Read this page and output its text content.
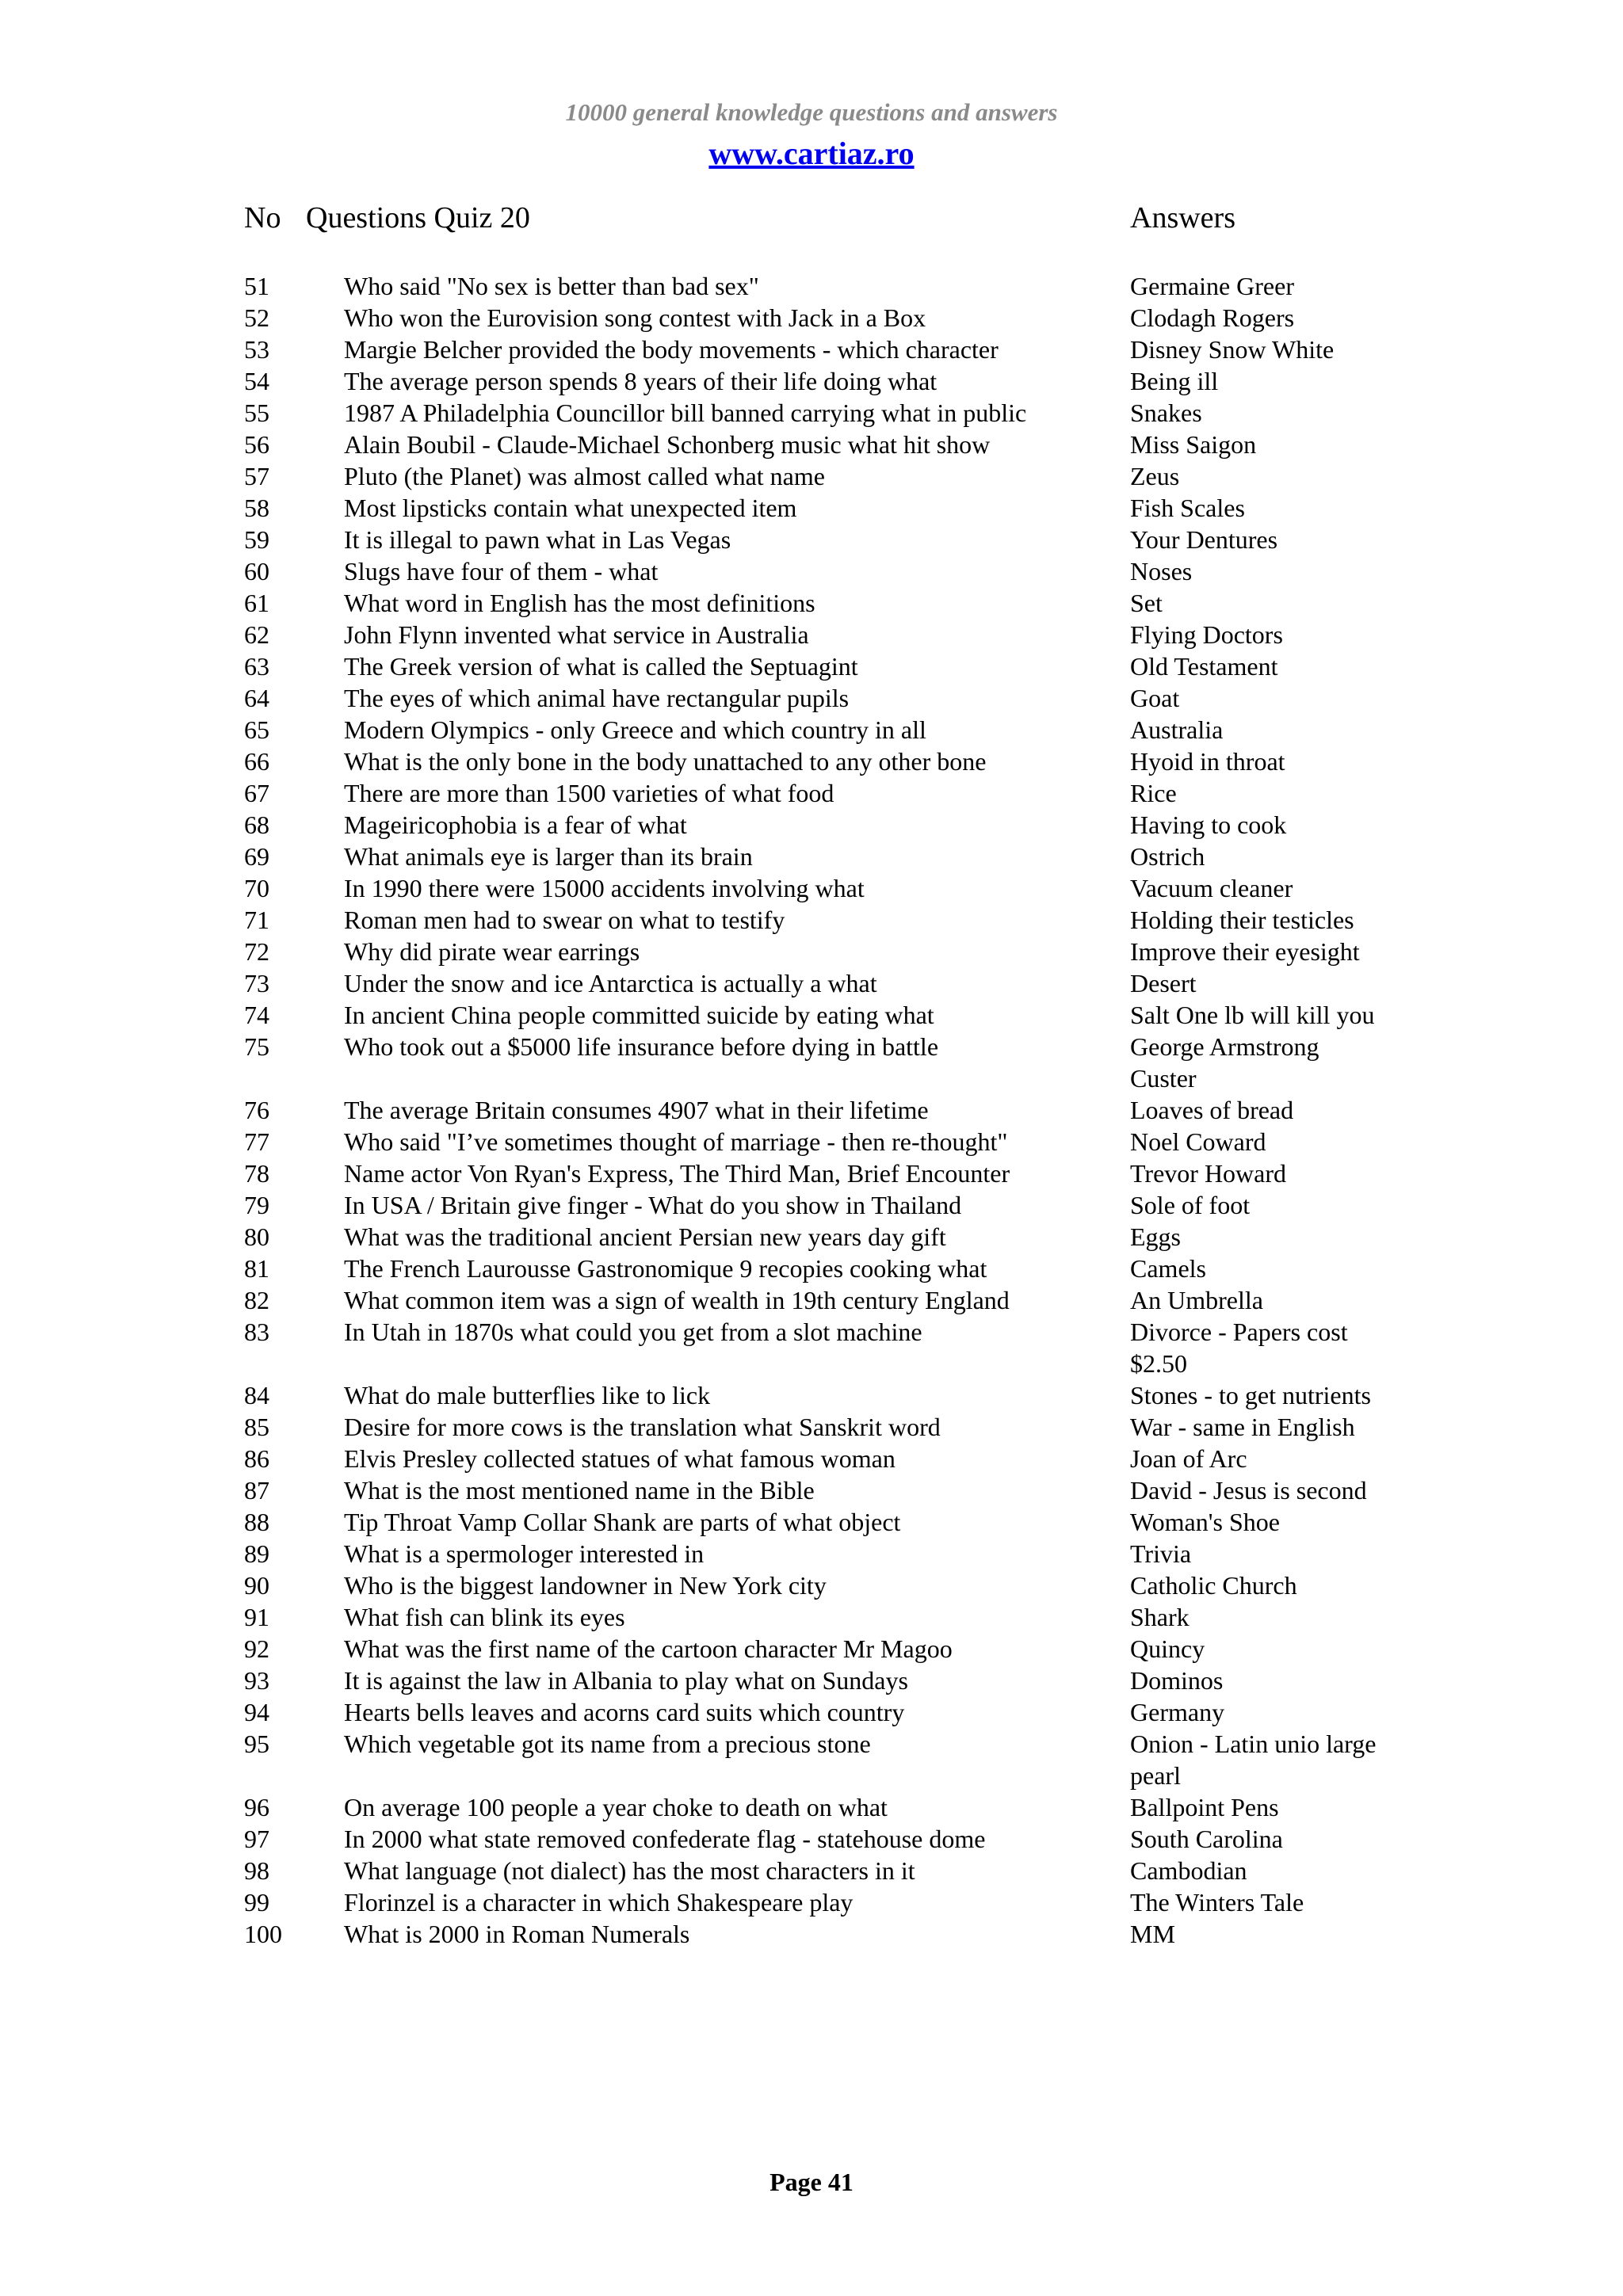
10000 general knowledge questions and answers
www.cartiaz.ro
No Questions Quiz 20	Answers
51	Who said "No sex is better than bad sex"	Germaine Greer
52	Who won the Eurovision song contest with Jack in a Box	Clodagh Rogers
53	Margie Belcher provided the body movements - which character	Disney Snow White
54	The average person spends 8 years of their life doing what	Being ill
55	1987 A Philadelphia Councillor bill banned carrying what in public	Snakes
56	Alain Boubil - Claude-Michael Schonberg music what hit show	Miss Saigon
57	Pluto (the Planet) was almost called what name	Zeus
58	Most lipsticks contain what unexpected item	Fish Scales
59	It is illegal to pawn what in Las Vegas	Your Dentures
60	Slugs have four of them - what	Noses
61	What word in English has the most definitions	Set
62	John Flynn invented what service in Australia	Flying Doctors
63	The Greek version of what is called the Septuagint	Old Testament
64	The eyes of which animal have rectangular pupils	Goat
65	Modern Olympics - only Greece and which country in all	Australia
66	What is the only bone in the body unattached to any other bone	Hyoid in throat
67	There are more than 1500 varieties of what food	Rice
68	Mageiricophobia is a fear of what	Having to cook
69	What animals eye is larger than its brain	Ostrich
70	In 1990 there were 15000 accidents involving what	Vacuum cleaner
71	Roman men had to swear on what to testify	Holding their testicles
72	Why did pirate wear earrings	Improve their eyesight
73	Under the snow and ice Antarctica is actually a what	Desert
74	In ancient China people committed suicide by eating what	Salt One lb will kill you
75	Who took out a $5000 life insurance before dying in battle	George Armstrong Custer
76	The average Britain consumes 4907 what in their lifetime	Loaves of bread
77	Who said "I’ve sometimes thought of marriage - then re-thought"	Noel Coward
78	Name actor Von Ryan's Express, The Third Man, Brief Encounter	Trevor Howard
79	In USA / Britain give finger - What do you show in Thailand	Sole of foot
80	What was the traditional ancient Persian new years day gift	Eggs
81	The French Laurousse Gastronomique 9 recopies cooking what	Camels
82	What common item was a sign of wealth in 19th century England	An Umbrella
83	In Utah in 1870s what could you get from a slot machine	Divorce - Papers cost $2.50
84	What do male butterflies like to lick	Stones - to get nutrients
85	Desire for more cows is the translation what Sanskrit word	War - same in English
86	Elvis Presley collected statues of what famous woman	Joan of Arc
87	What is the most mentioned name in the Bible	David - Jesus is second
88	Tip Throat Vamp Collar Shank are parts of what object	Woman's Shoe
89	What is a spermologer interested in	Trivia
90	Who is the biggest landowner in New York city	Catholic Church
91	What fish can blink its eyes	Shark
92	What was the first name of the cartoon character Mr Magoo	Quincy
93	It is against the law in Albania to play what on Sundays	Dominos
94	Hearts bells leaves and acorns card suits which country	Germany
95	Which vegetable got its name from a precious stone	Onion - Latin unio large pearl
96	On average 100 people a year choke to death on what	Ballpoint Pens
97	In 2000 what state removed confederate flag - statehouse dome	South Carolina
98	What language (not dialect) has the most characters in it	Cambodian
99	Florinzel is a character in which Shakespeare play	The Winters Tale
100 What is 2000 in Roman Numerals	MM
Page 41
